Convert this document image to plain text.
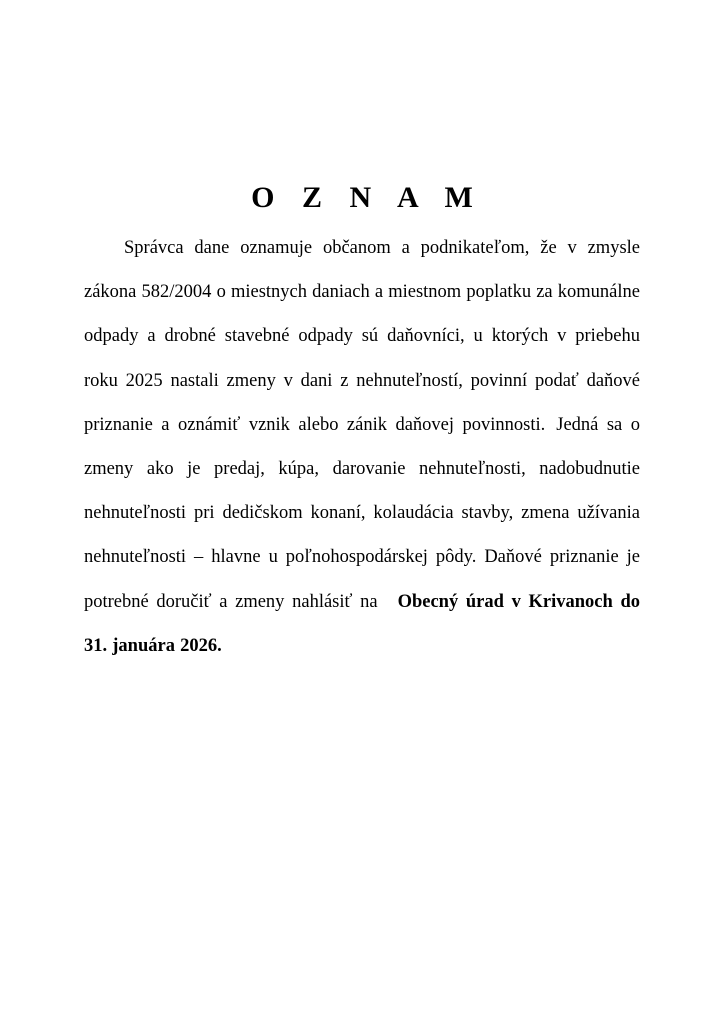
O Z N A M
Správca dane oznamuje občanom a podnikateľom, že v zmysle zákona 582/2004 o miestnych daniach a miestnom poplatku za komunálne odpady a drobné stavebné odpady sú daňovníci, u ktorých v priebehu roku 2025 nastali zmeny v dani z nehnuteľností, povinní podať daňové priznanie a oznámiť vznik alebo zánik daňovej povinnosti. Jedná sa o zmeny ako je predaj, kúpa, darovanie nehnuteľnosti, nadobudnutie nehnuteľnosti pri dedičskom konaní, kolaudácia stavby, zmena užívania nehnuteľnosti – hlavne u poľnohospodárskej pôdy. Daňové priznanie je potrebné doručiť a zmeny nahlásiť na Obecný úrad v Krivanoch do 31. januára 2026.
